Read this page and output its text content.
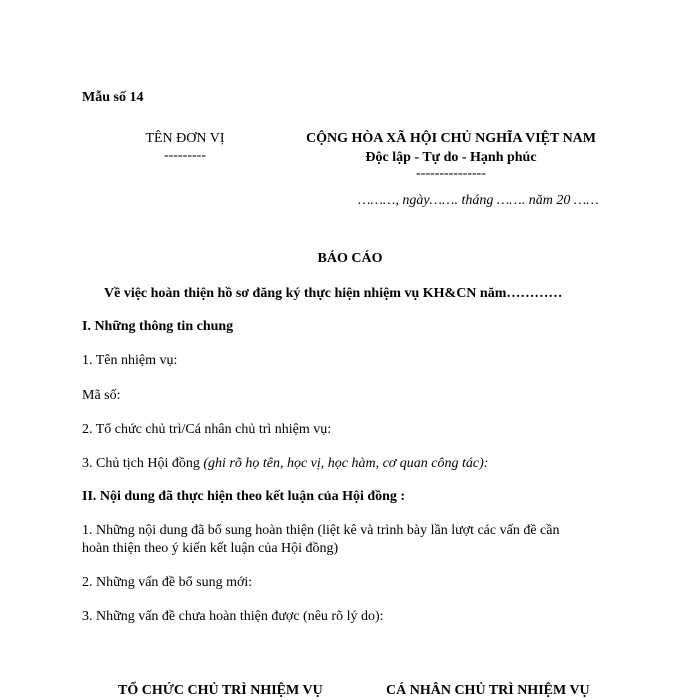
Mẫu số 14
TÊN ĐƠN VỊ
---------
CỘNG HÒA XÃ HỘI CHỦ NGHĨA VIỆT NAM
Độc lập - Tự do - Hạnh phúc
---------------
………, ngày……. tháng ……. năm 20 ……
BÁO CÁO
Về việc hoàn thiện hồ sơ đăng ký thực hiện nhiệm vụ KH&CN năm…………
I. Những thông tin chung
1. Tên nhiệm vụ:
Mã số:
2. Tổ chức chủ trì/Cá nhân chủ trì nhiệm vụ:
3. Chủ tịch Hội đồng (ghi rõ họ tên, học vị, học hàm, cơ quan công tác):
II. Nội dung đã thực hiện theo kết luận của Hội đồng :
1. Những nội dung đã bổ sung hoàn thiện (liệt kê và trình bày lần lượt các vấn đề cần
hoàn thiện theo ý kiến kết luận của Hội đồng)
2. Những vấn đề bổ sung mới:
3. Những vấn đề chưa hoàn thiện được (nêu rõ lý do):
TỔ CHỨC CHỦ TRÌ NHIỆM VỤ	CÁ NHÂN CHỦ TRÌ NHIỆM VỤ
